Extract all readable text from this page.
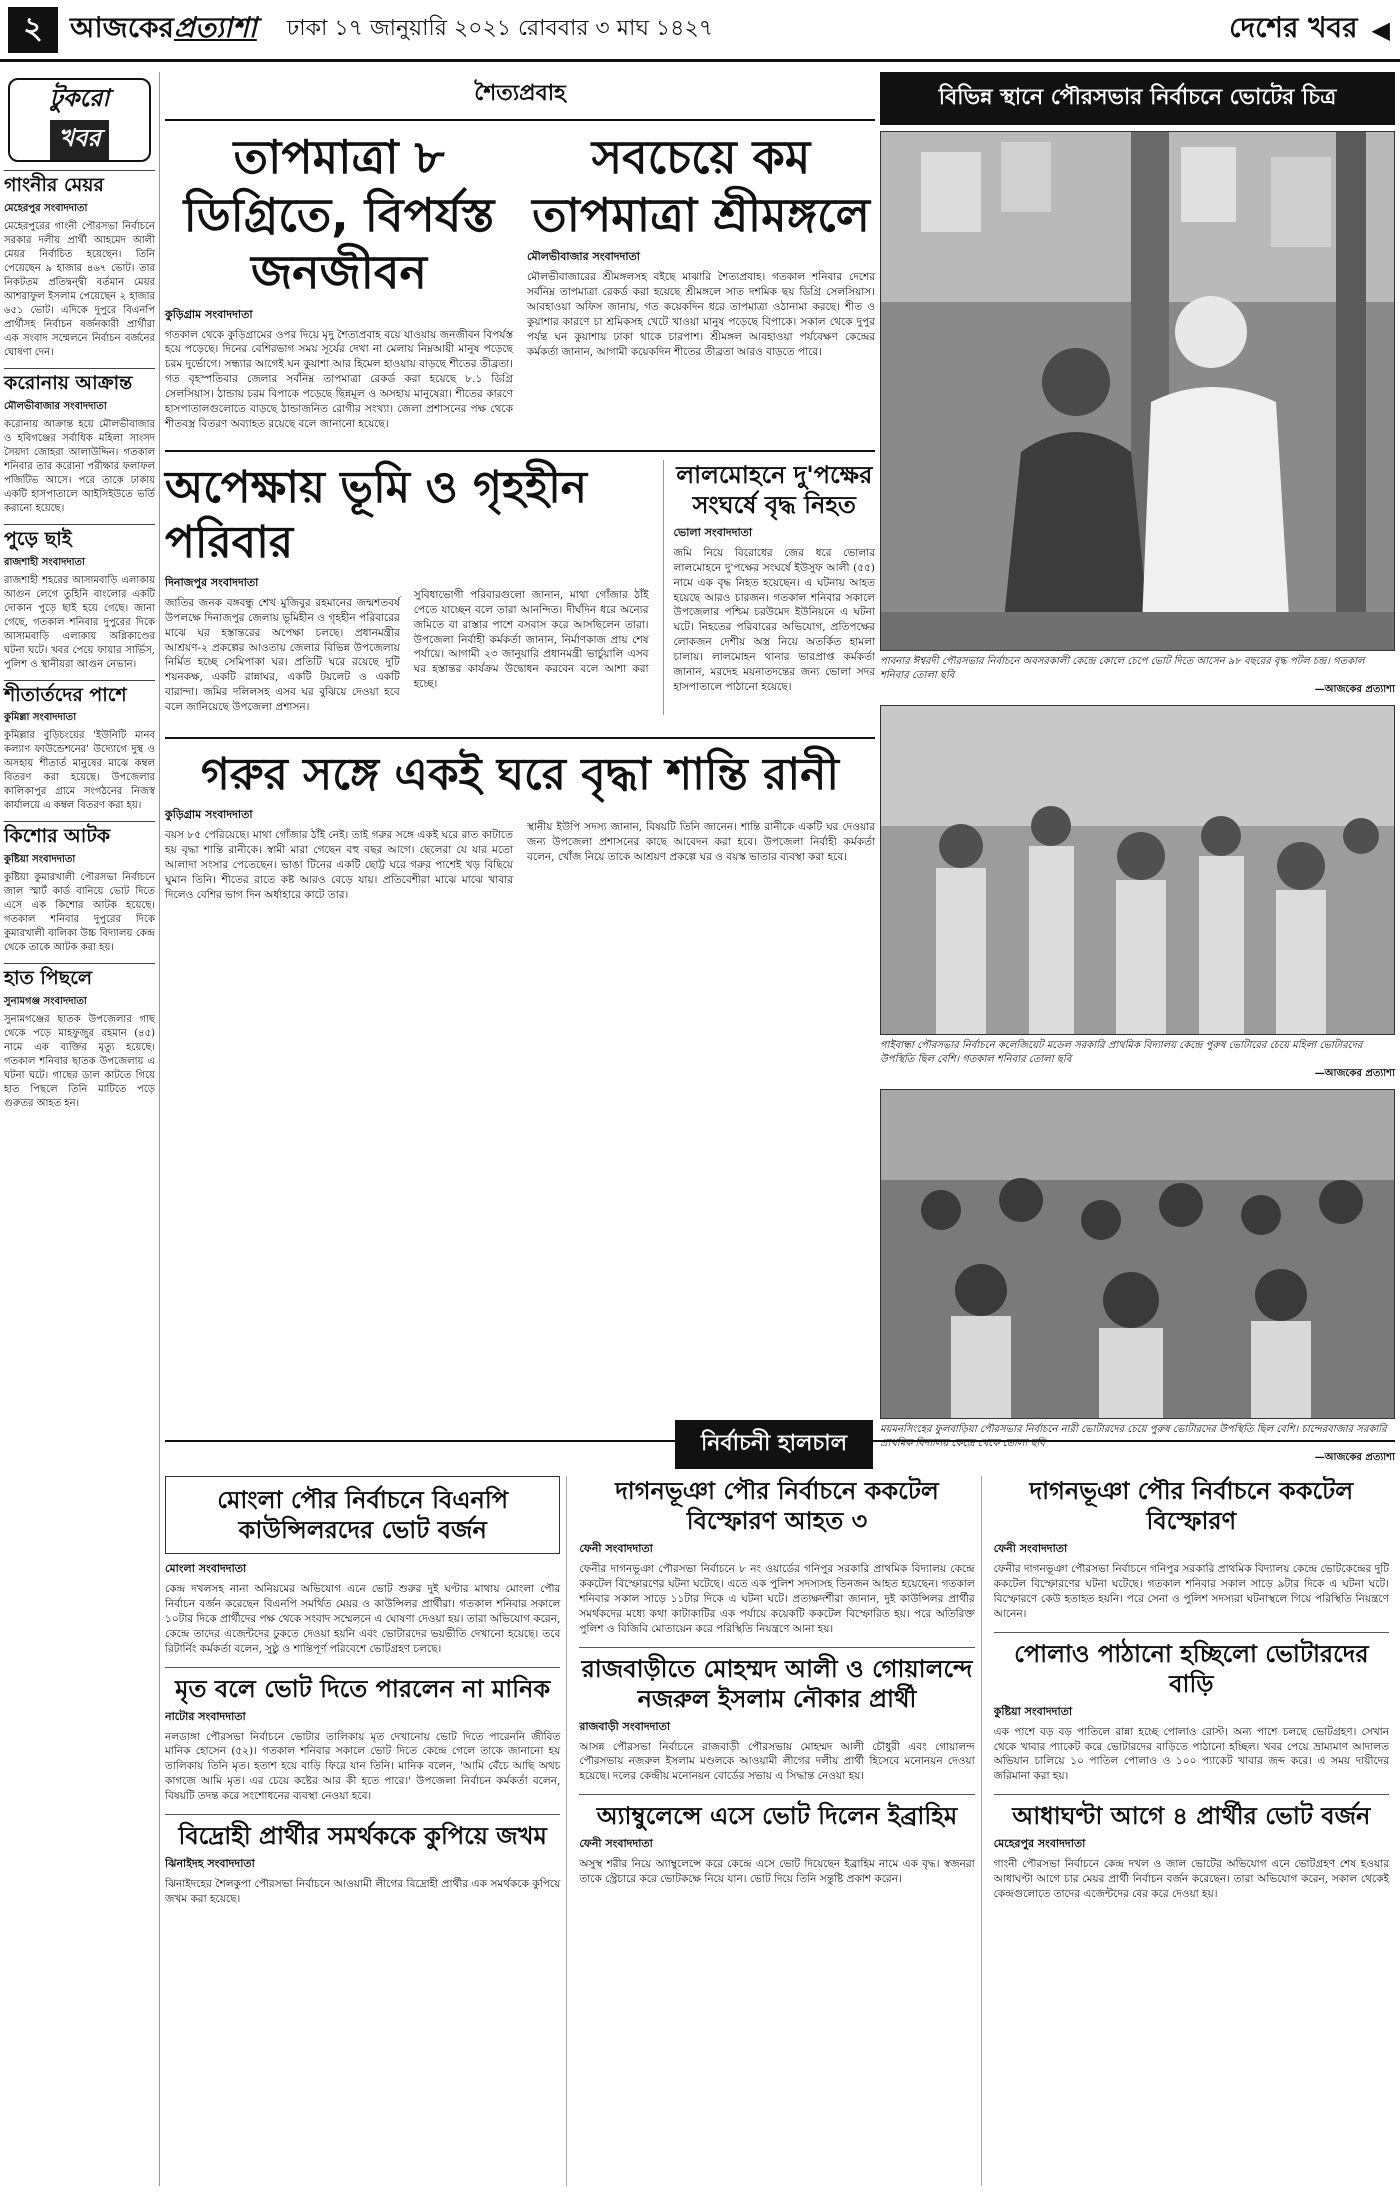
২ আজকেরপ্রত্যাশা ঢাকা ১৭ জানুয়ারি ২০২১ রোববার ৩ মাঘ ১৪২৭	দেশের খবর ◀
টুকরো
খবর
গাংনীর মেয়র
মেহেরপুর সংবাদদাতা

মেহেরপুরের গাংনী পৌরসভা নির্বাচনে সরকার দলীয় প্রার্থী আহমেদ আলী মেয়র নির্বাচিত হয়েছেন। তিনি পেয়েছেন ৯ হাজার ৪৬৭ ভোট। তার নিকটতম প্রতিদ্বন্দ্বী বর্তমান মেয়র আশরাফুল ইসলাম পেয়েছেন ২ হাজার ৬৫১ ভোট। এদিকে দুপুরে বিএনপি প্রার্থীসহ নির্বাচন বর্জনকারী প্রার্থীরা এক সংবাদ সম্মেলনে নির্বাচন বর্জনের ঘোষণা দেন।

করোনায় আক্রান্ত
মৌলভীবাজার সংবাদদাতা

করোনায় আক্রান্ত হয়ে মৌলভীবাজার ও হবিগঞ্জের সর্বাধিক মহিলা সাংসদ সৈয়দা জোহরা আলাউদ্দিন। গতকাল শনিবার তার করোনা পরীক্ষার ফলাফল পজিটিভ আসে। পরে তাকে ঢাকায় একটি হাসপাতালে আইসিইউতে ভর্তি করানো হয়েছে।

পুড়ে ছাই
রাজশাহী সংবাদদাতা

রাজশাহী শহরের আসামবাড়ি এলাকায় আগুন লেগে তুহিনি বাংলোর একটি দোকান পুড়ে ছাই হয়ে গেছে। জানা গেছে, গতকাল শনিবার দুপুরের দিকে আসামবাড়ি এলাকায় অগ্নিকাণ্ডের ঘটনা ঘটে। খবর পেয়ে ফায়ার সার্ভিস, পুলিশ ও স্থানীয়রা আগুন নেভান।

শীতার্তদের পাশে
কুমিল্লা সংবাদদাতা

কুমিল্লার বুড়িচংয়ের 'ইউনিটি মানব কল্যাণ ফাউন্ডেশনের' উদ্যোগে দুস্থ ও অসহায় শীতার্ত মানুষের মাঝে কম্বল বিতরণ করা হয়েছে। উপজেলার কালিকাপুর গ্রামে সংগঠনের নিজস্ব কার্যালয়ে এ কম্বল বিতরণ করা হয়।

কিশোর আটক
কুষ্টিয়া সংবাদদাতা

কুষ্টিয়া কুমারখালী পৌরসভা নির্বাচনে জাল স্মার্ট কার্ড বানিয়ে ভোট দিতে এসে এক কিশোর আটক হয়েছে। গতকাল শনিবার দুপুরের দিকে কুমারখালী বালিকা উচ্চ বিদ্যালয় কেন্দ্র থেকে তাকে আটক করা হয়।

হাত পিছলে
সুনামগঞ্জ সংবাদদাতা

সুনামগঞ্জের ছাতক উপজেলার গাছ থেকে পড়ে মাহফুজুর রহমান (৪৫) নামে এক ব্যক্তির মৃত্যু হয়েছে। গতকাল শনিবার ছাতক উপজেলায় এ ঘটনা ঘটে। গাছের ডাল কাটতে গিয়ে হাত পিছলে তিনি মাটিতে পড়ে গুরুতর আহত হন।

শৈত্যপ্রবাহ
তাপমাত্রা ৮ ডিগ্রিতে, বিপর্যস্ত জনজীবন
কুড়িগ্রাম সংবাদদাতা

গতকাল থেকে কুড়িগ্রামের ওপর দিয়ে মৃদু শৈত্যপ্রবাহ বয়ে যাওয়ায় জনজীবন বিপর্যস্ত হয়ে পড়েছে। দিনের বেশিরভাগ সময় সূর্যের দেখা না মেলায় নিম্নআয়ী মানুষ পড়েছে চরম দুর্ভোগে। সন্ধ্যার আগেই ঘন কুয়াশা আর হিমেল হাওয়ায় বাড়ছে শীতের তীব্রতা। গত বৃহস্পতিবার জেলার সর্বনিম্ন তাপমাত্রা রেকর্ড করা হয়েছে ৮.১ ডিগ্রি সেলসিয়াস। ঠান্ডায় চরম বিপাকে পড়েছে ছিন্নমূল ও অসহায় মানুষেরা। শীতের কারণে হাসপাতালগুলোতে বাড়ছে ঠান্ডাজনিত রোগীর সংখ্যা। জেলা প্রশাসনের পক্ষ থেকে শীতবস্ত্র বিতরণ অব্যাহত রয়েছে বলে জানানো হয়েছে।

সবচেয়ে কম তাপমাত্রা শ্রীমঙ্গলে
মৌলভীবাজার সংবাদদাতা

মৌলভীবাজারের শ্রীমঙ্গলসহ বইছে মাঝারি শৈত্যপ্রবাহ। গতকাল শনিবার দেশের সর্বনিম্ন তাপমাত্রা রেকর্ড করা হয়েছে শ্রীমঙ্গলে সাত দশমিক ছয় ডিগ্রি সেলসিয়াস। আবহাওয়া অফিস জানায়, গত কয়েকদিন ধরে তাপমাত্রা ওঠানামা করছে। শীত ও কুয়াশার কারণে চা শ্রমিকসহ খেটে খাওয়া মানুষ পড়েছে বিপাকে। সকাল থেকে দুপুর পর্যন্ত ঘন কুয়াশায় ঢাকা থাকে চারপাশ। শ্রীমঙ্গল আবহাওয়া পর্যবেক্ষণ কেন্দ্রের কর্মকর্তা জানান, আগামী কয়েকদিন শীতের তীব্রতা আরও বাড়তে পারে।

অপেক্ষায় ভূমি ও গৃহহীন পরিবার
দিনাজপুর সংবাদদাতা

জাতির জনক বঙ্গবন্ধু শেখ মুজিবুর রহমানের জন্মশতবর্ষ উপলক্ষে দিনাজপুর জেলায় ভূমিহীন ও গৃহহীন পরিবারের মাঝে ঘর হস্তান্তরের অপেক্ষা চলছে। প্রধানমন্ত্রীর আশ্রয়ণ-২ প্রকল্পের আওতায় জেলার বিভিন্ন উপজেলায় নির্মিত হচ্ছে সেমিপাকা ঘর। প্রতিটি ঘরে রয়েছে দুটি শয়নকক্ষ, একটি রান্নাঘর, একটি টয়লেট ও একটি বারান্দা। জমির দলিলসহ এসব ঘর বুঝিয়ে দেওয়া হবে বলে জানিয়েছে উপজেলা প্রশাসন।

সুবিধাভোগী পরিবারগুলো জানান, মাথা গোঁজার ঠাঁই পেতে যাচ্ছেন বলে তারা আনন্দিত। দীর্ঘদিন ধরে অন্যের জমিতে বা রাস্তার পাশে বসবাস করে আসছিলেন তারা। উপজেলা নির্বাহী কর্মকর্তা জানান, নির্মাণকাজ প্রায় শেষ পর্যায়ে। আগামী ২৩ জানুয়ারি প্রধানমন্ত্রী ভার্চুয়ালি এসব ঘর হস্তান্তর কার্যক্রম উদ্বোধন করবেন বলে আশা করা হচ্ছে।

লালমোহনে দু'পক্ষের সংঘর্ষে বৃদ্ধ নিহত
ভোলা সংবাদদাতা

জমি নিয়ে বিরোধের জের ধরে ভোলার লালমোহনে দু'পক্ষের সংঘর্ষে ইউসুফ আলী (৫৫) নামে এক বৃদ্ধ নিহত হয়েছেন। এ ঘটনায় আহত হয়েছে আরও চারজন। গতকাল শনিবার সকালে উপজেলার পশ্চিম চরউমেদ ইউনিয়নে এ ঘটনা ঘটে। নিহতের পরিবারের অভিযোগ, প্রতিপক্ষের লোকজন দেশীয় অস্ত্র নিয়ে অতর্কিত হামলা চালায়। লালমোহন থানার ভারপ্রাপ্ত কর্মকর্তা জানান, মরদেহ ময়নাতদন্তের জন্য ভোলা সদর হাসপাতালে পাঠানো হয়েছে।

গরুর সঙ্গে একই ঘরে বৃদ্ধা শান্তি রানী
কুড়িগ্রাম সংবাদদাতা

বয়স ৮৫ পেরিয়েছে। মাথা গোঁজার ঠাঁই নেই। তাই গরুর সঙ্গে একই ঘরে রাত কাটাতে হয় বৃদ্ধা শান্তি রানীকে। স্বামী মারা গেছেন বহু বছর আগে। ছেলেরা যে যার মতো আলাদা সংসার পেতেছেন। ভাঙা টিনের একটি ছোট্ট ঘরে গরুর পাশেই খড় বিছিয়ে ঘুমান তিনি। শীতের রাতে কষ্ট আরও বেড়ে যায়। প্রতিবেশীরা মাঝে মাঝে খাবার দিলেও বেশির ভাগ দিন অর্ধাহারে কাটে তার।

স্থানীয় ইউপি সদস্য জানান, বিষয়টি তিনি জানেন। শান্তি রানীকে একটি ঘর দেওয়ার জন্য উপজেলা প্রশাসনের কাছে আবেদন করা হবে। উপজেলা নির্বাহী কর্মকর্তা বলেন, খোঁজ নিয়ে তাকে আশ্রয়ণ প্রকল্পে ঘর ও বয়স্ক ভাতার ব্যবস্থা করা হবে।

বিভিন্ন স্থানে পৌরসভার নির্বাচনে ভোটের চিত্র

পাবনার ঈশ্বরদী পৌরসভার নির্বাচনে অবসরকালী কেন্দ্রে কোলে চেপে ভোট দিতে আসেন ৯৮ বছরের বৃদ্ধ পটল চন্দ্র। গতকাল শনিবার তোলা ছবি

—আজকের প্রত্যাশা

গাইবান্ধা পৌরসভার নির্বাচনে কলেজিয়েট মডেল সরকারি প্রাথমিক বিদ্যালয় কেন্দ্রে পুরুষ ভোটারের চেয়ে মহিলা ভোটারদের উপস্থিতি ছিল বেশি। গতকাল শনিবার তোলা ছবি

—আজকের প্রত্যাশা

ময়মনসিংহের ফুলবাড়িয়া পৌরসভার নির্বাচনে নারী ভোটারদের চেয়ে পুরুষ ভোটারদের উপস্থিতি ছিল বেশি। চান্দেরবাজার সরকারি প্রাথমিক বিদ্যালয় কেন্দ্রে থেকে তোলা ছবি

—আজকের প্রত্যাশা

নির্বাচনী হালচাল
মোংলা পৌর নির্বাচনে বিএনপি কাউন্সিলরদের ভোট বর্জন
মোংলা সংবাদদাতা

কেন্দ্র দখলসহ নানা অনিয়মের অভিযোগ এনে ভোট শুরুর দুই ঘণ্টার মাথায় মোংলা পৌর নির্বাচন বর্জন করেছেন বিএনপি সমর্থিত মেয়র ও কাউন্সিলর প্রার্থীরা। গতকাল শনিবার সকালে ১০টার দিকে প্রার্থীদের পক্ষ থেকে সংবাদ সম্মেলনে এ ঘোষণা দেওয়া হয়। তারা অভিযোগ করেন, কেন্দ্রে তাদের এজেন্টদের ঢুকতে দেওয়া হয়নি এবং ভোটারদের ভয়ভীতি দেখানো হয়েছে। তবে রিটার্নিং কর্মকর্তা বলেন, সুষ্ঠু ও শান্তিপূর্ণ পরিবেশে ভোটগ্রহণ চলছে।

মৃত বলে ভোট দিতে পারলেন না মানিক
নাটোর সংবাদদাতা

নলডাঙ্গা পৌরসভা নির্বাচনে ভোটার তালিকায় মৃত দেখানোয় ভোট দিতে পারেননি জীবিত মানিক হোসেন (৫২)। গতকাল শনিবার সকালে ভোট দিতে কেন্দ্রে গেলে তাকে জানানো হয় তালিকায় তিনি মৃত। হতাশ হয়ে বাড়ি ফিরে যান তিনি। মানিক বলেন, 'আমি বেঁচে আছি অথচ কাগজে আমি মৃত। এর চেয়ে কষ্টের আর কী হতে পারে।' উপজেলা নির্বাচন কর্মকর্তা বলেন, বিষয়টি তদন্ত করে সংশোধনের ব্যবস্থা নেওয়া হবে।

বিদ্রোহী প্রার্থীর সমর্থককে কুপিয়ে জখম
ঝিনাইদহ সংবাদদাতা

ঝিনাইদহের শৈলকুপা পৌরসভা নির্বাচনে আওয়ামী লীগের বিদ্রোহী প্রার্থীর এক সমর্থককে কুপিয়ে জখম করা হয়েছে।

দাগনভূঞা পৌর নির্বাচনে ককটেল বিস্ফোরণ আহত ৩
ফেনী সংবাদদাতা

ফেনীর দাগনভূঞা পৌরসভা নির্বাচনে ৮ নং ওয়ার্ডের গনিপুর সরকারি প্রাথমিক বিদ্যালয় কেন্দ্রে ককটেল বিস্ফোরণের ঘটনা ঘটেছে। এতে এক পুলিশ সদস্যসহ তিনজন আহত হয়েছেন। গতকাল শনিবার সকাল সাড়ে ১১টার দিকে এ ঘটনা ঘটে। প্রত্যক্ষদর্শীরা জানান, দুই কাউন্সিলর প্রার্থীর সমর্থকদের মধ্যে কথা কাটাকাটির এক পর্যায়ে কয়েকটি ককটেল বিস্ফোরিত হয়। পরে অতিরিক্ত পুলিশ ও বিজিবি মোতায়েন করে পরিস্থিতি নিয়ন্ত্রণে আনা হয়।

রাজবাড়ীতে মোহম্মদ আলী ও গোয়ালন্দে নজরুল ইসলাম নৌকার প্রার্থী
রাজবাড়ী সংবাদদাতা

আসন্ন পৌরসভা নির্বাচনে রাজবাড়ী পৌরসভায় মোহম্মদ আলী চৌধুরী এবং গোয়ালন্দ পৌরসভায় নজরুল ইসলাম মণ্ডলকে আওয়ামী লীগের দলীয় প্রার্থী হিসেবে মনোনয়ন দেওয়া হয়েছে। দলের কেন্দ্রীয় মনোনয়ন বোর্ডের সভায় এ সিদ্ধান্ত নেওয়া হয়।

অ্যাম্বুলেন্সে এসে ভোট দিলেন ইব্রাহিম
ফেনী সংবাদদাতা

অসুস্থ শরীর নিয়ে অ্যাম্বুলেন্সে করে কেন্দ্রে এসে ভোট দিয়েছেন ইব্রাহিম নামে এক বৃদ্ধ। স্বজনরা তাকে স্ট্রেচারে করে ভোটকক্ষে নিয়ে যান। ভোট দিয়ে তিনি সন্তুষ্টি প্রকাশ করেন।

দাগনভূঞা পৌর নির্বাচনে ককটেল বিস্ফোরণ
ফেনী সংবাদদাতা

ফেনীর দাগনভূঞা পৌরসভা নির্বাচনে গনিপুর সরকারি প্রাথমিক বিদ্যালয় কেন্দ্রে ভোটকেন্দ্রের দুটি ককটেল বিস্ফোরণের ঘটনা ঘটেছে। গতকাল শনিবার সকাল সাড়ে ৯টার দিকে এ ঘটনা ঘটে। বিস্ফোরণে কেউ হতাহত হয়নি। পরে সেনা ও পুলিশ সদস্যরা ঘটনাস্থলে গিয়ে পরিস্থিতি নিয়ন্ত্রণে আনেন।

পোলাও পাঠানো হচ্ছিলো ভোটারদের বাড়ি
কুষ্টিয়া সংবাদদাতা

এক পাশে বড় বড় পাতিলে রান্না হচ্ছে পোলাও রোস্ট। অন্য পাশে চলছে ভোটগ্রহণ। সেখান থেকে খাবার প্যাকেট করে ভোটারদের বাড়িতে পাঠানো হচ্ছিল। খবর পেয়ে ভ্রাম্যমাণ আদালত অভিযান চালিয়ে ১০ পাতিল পোলাও ও ১০০ প্যাকেট খাবার জব্দ করে। এ সময় দায়ীদের জরিমানা করা হয়।

আধাঘণ্টা আগে ৪ প্রার্থীর ভোট বর্জন
মেহেরপুর সংবাদদাতা

গাংনী পৌরসভা নির্বাচনে কেন্দ্র দখল ও জাল ভোটের অভিযোগ এনে ভোটগ্রহণ শেষ হওয়ার আধাঘণ্টা আগে চার মেয়র প্রার্থী নির্বাচন বর্জন করেছেন। তারা অভিযোগ করেন, সকাল থেকেই কেন্দ্রগুলোতে তাদের এজেন্টদের বের করে দেওয়া হয়।
